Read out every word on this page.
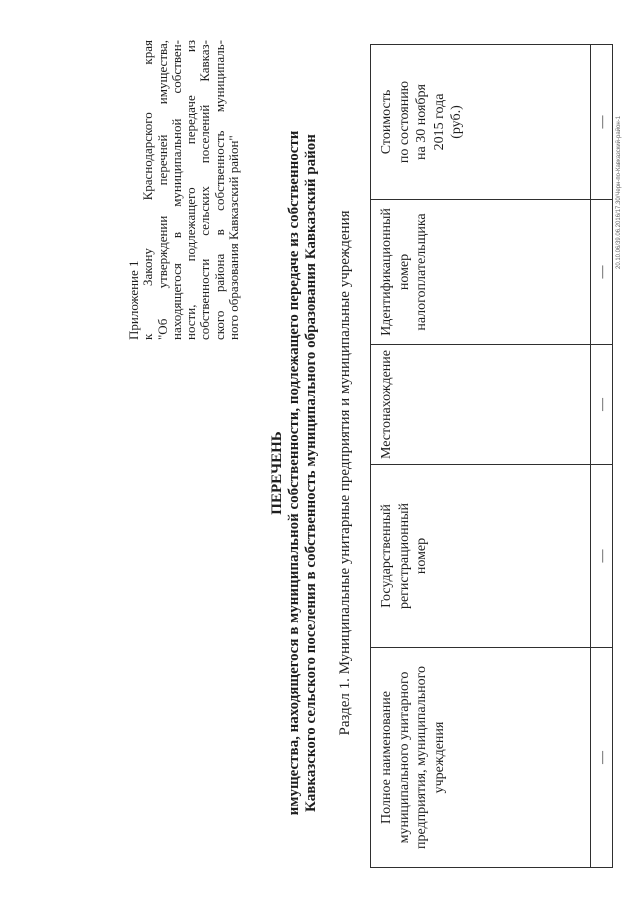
Приложение 1 к Закону Краснодарского края "Об утверждении перечней имущества, находящегося в муниципальной собствен- ности, подлежащего передаче из собственности сельских поселений Кавказ- ского района в собственность муниципаль- ного образования Кавказский район"
ПЕРЕЧЕНЬ имущества, находящегося в муниципальной собственности, подлежащего передаче из собственности Кавказского сельского поселения в собственность муниципального образования Кавказский район Раздел 1. Муниципальные унитарные предприятия и муниципальные учреждения
Полное наименование муниципального унитарного предприятия, муниципального учреждения	Государственный регистрационный номер	Местонахождение	Идентификационный номер налогоплательщика	Стоимость по состоянию на 30 ноября 2015 года (руб.)

—	—	—	—	— 20.10.06/39.06.2016/17.30/Черн-по-Кавказский-район-1
